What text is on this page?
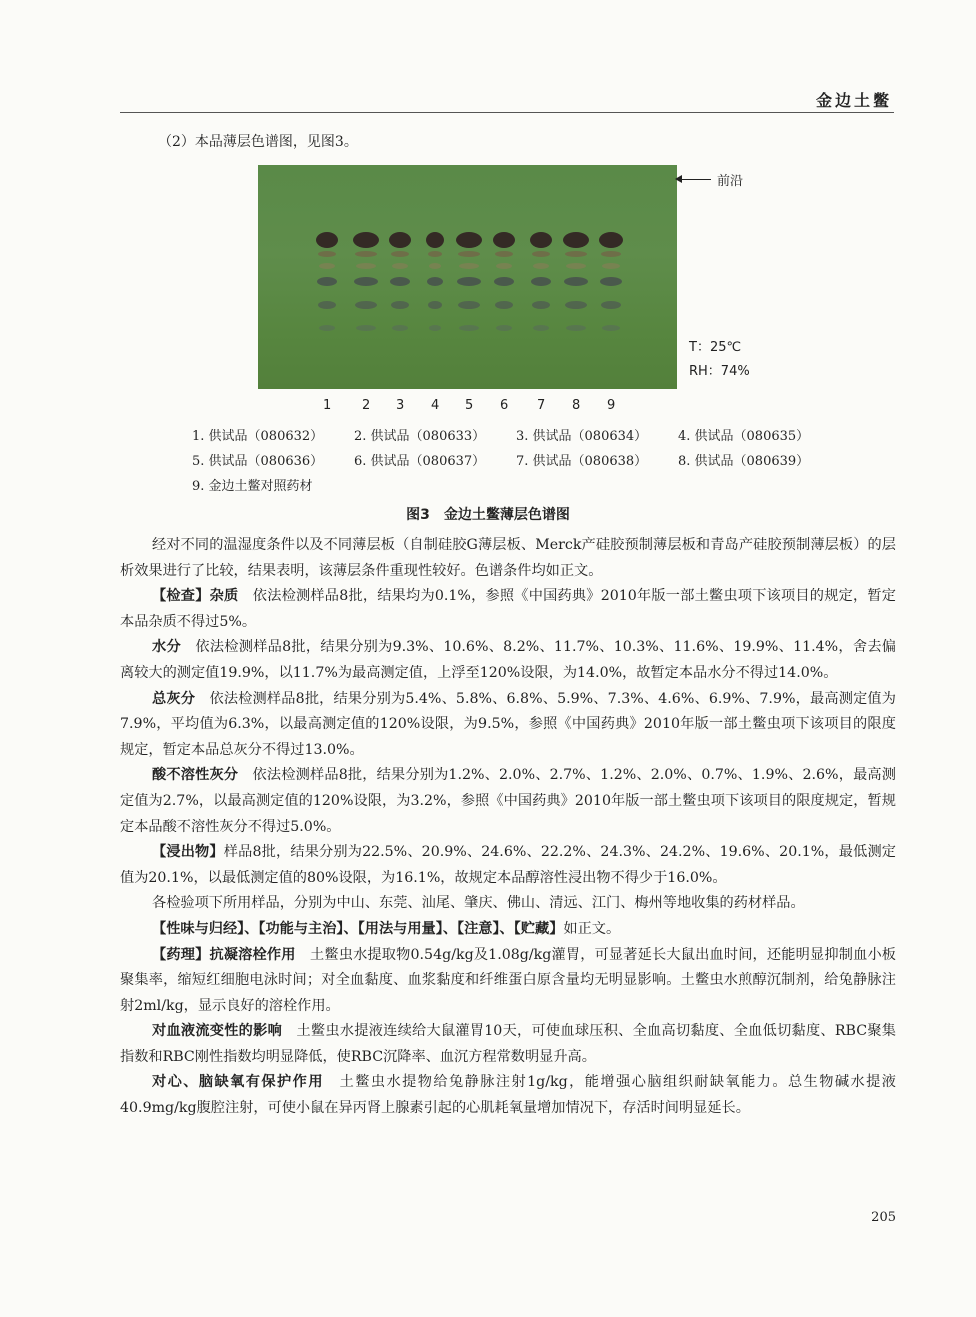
金边土鳖
（2）本品薄层色谱图，见图3。
前沿
T：25℃
RH：74%
1 2 3 4 5 6 7 8 9
1. 供试品（080632）	2. 供试品（080633）	3. 供试品（080634）	4. 供试品（080635）
5. 供试品（080636）	6. 供试品（080637）	7. 供试品（080638）	8. 供试品（080639）
9. 金边土鳖对照药材
图3　金边土鳖薄层色谱图

经对不同的温湿度条件以及不同薄层板（自制硅胶G薄层板、Merck产硅胶预制薄层板和青岛产硅胶预制薄层板）的层析效果进行了比较，结果表明，该薄层条件重现性较好。色谱条件均如正文。

【检查】杂质　依法检测样品8批，结果均为0.1%，参照《中国药典》2010年版一部土鳖虫项下该项目的规定，暂定本品杂质不得过5%。

水分　依法检测样品8批，结果分别为9.3%、10.6%、8.2%、11.7%、10.3%、11.6%、19.9%、11.4%，舍去偏离较大的测定值19.9%，以11.7%为最高测定值，上浮至120%设限，为14.0%，故暂定本品水分不得过14.0%。

总灰分　依法检测样品8批，结果分别为5.4%、5.8%、6.8%、5.9%、7.3%、4.6%、6.9%、7.9%，最高测定值为7.9%，平均值为6.3%，以最高测定值的120%设限，为9.5%，参照《中国药典》2010年版一部土鳖虫项下该项目的限度规定，暂定本品总灰分不得过13.0%。

酸不溶性灰分　依法检测样品8批，结果分别为1.2%、2.0%、2.7%、1.2%、2.0%、0.7%、1.9%、2.6%，最高测定值为2.7%，以最高测定值的120%设限，为3.2%，参照《中国药典》2010年版一部土鳖虫项下该项目的限度规定，暂规定本品酸不溶性灰分不得过5.0%。

【浸出物】样品8批，结果分别为22.5%、20.9%、24.6%、22.2%、24.3%、24.2%、19.6%、20.1%，最低测定值为20.1%，以最低测定值的80%设限，为16.1%，故规定本品醇溶性浸出物不得少于16.0%。

各检验项下所用样品，分别为中山、东莞、汕尾、肇庆、佛山、清远、江门、梅州等地收集的药材样品。

【性味与归经】、【功能与主治】、【用法与用量】、【注意】、【贮藏】如正文。

【药理】抗凝溶栓作用　土鳖虫水提取物0.54g/kg及1.08g/kg灌胃，可显著延长大鼠出血时间，还能明显抑制血小板聚集率，缩短红细胞电泳时间；对全血黏度、血浆黏度和纤维蛋白原含量均无明显影响。土鳖虫水煎醇沉制剂，给兔静脉注射2ml/kg，显示良好的溶栓作用。

对血液流变性的影响　土鳖虫水提液连续给大鼠灌胃10天，可使血球压积、全血高切黏度、全血低切黏度、RBC聚集指数和RBC刚性指数均明显降低，使RBC沉降率、血沉方程常数明显升高。

对心、脑缺氧有保护作用　土鳖虫水提物给兔静脉注射1g/kg，能增强心脑组织耐缺氧能力。总生物碱水提液40.9mg/kg腹腔注射，可使小鼠在异丙肾上腺素引起的心肌耗氧量增加情况下，存活时间明显延长。

205
